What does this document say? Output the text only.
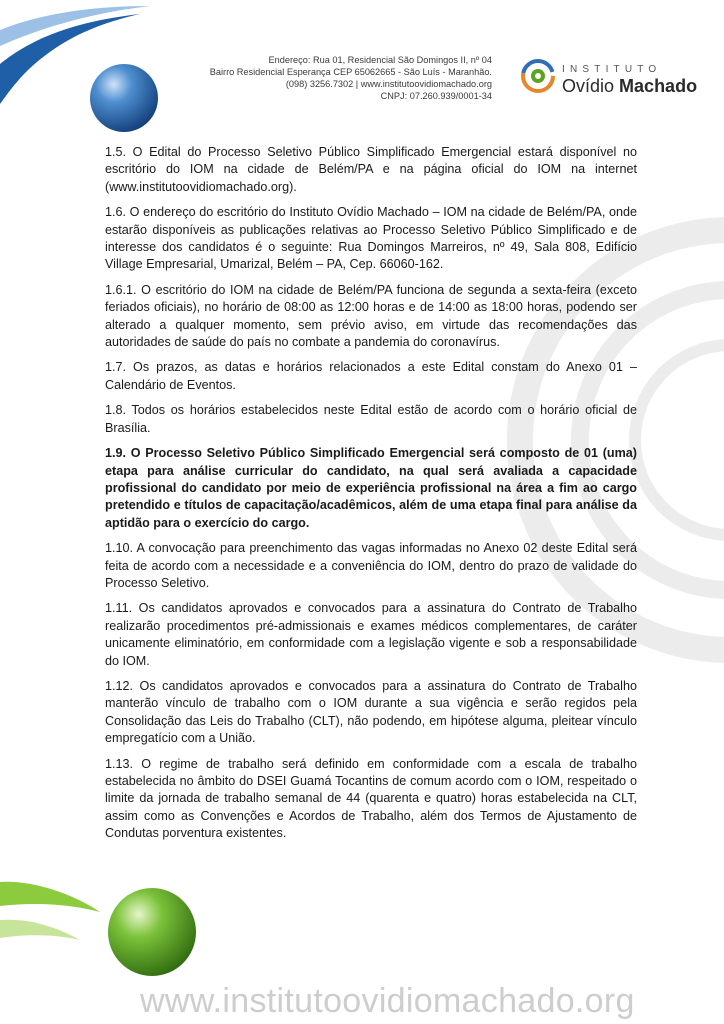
Endereço: Rua 01, Residencial São Domingos II, nº 04
Bairro Residencial Esperança CEP 65062665 - São Luís - Maranhão.
(098) 3256.7302 | www.institutoovidiomachado.org
CNPJ: 07.260.939/0001-34
INSTITUTO
Ovídio Machado

1.5. O Edital do Processo Seletivo Público Simplificado Emergencial estará disponível no escritório do IOM na cidade de Belém/PA e na página oficial do IOM na internet (www.institutoovidiomachado.org).

1.6. O endereço do escritório do Instituto Ovídio Machado – IOM na cidade de Belém/PA, onde estarão disponíveis as publicações relativas ao Processo Seletivo Público Simplificado e de interesse dos candidatos é o seguinte: Rua Domingos Marreiros, nº 49, Sala 808, Edifício Village Empresarial, Umarizal, Belém – PA, Cep. 66060-162.

1.6.1. O escritório do IOM na cidade de Belém/PA funciona de segunda a sexta-feira (exceto feriados oficiais), no horário de 08:00 as 12:00 horas e de 14:00 as 18:00 horas, podendo ser alterado a qualquer momento, sem prévio aviso, em virtude das recomendações das autoridades de saúde do país no combate a pandemia do coronavírus.

1.7. Os prazos, as datas e horários relacionados a este Edital constam do Anexo 01 – Calendário de Eventos.

1.8. Todos os horários estabelecidos neste Edital estão de acordo com o horário oficial de Brasília.

1.9. O Processo Seletivo Público Simplificado Emergencial será composto de 01 (uma) etapa para análise curricular do candidato, na qual será avaliada a capacidade profissional do candidato por meio de experiência profissional na área a fim ao cargo pretendido e títulos de capacitação/acadêmicos, além de uma etapa final para análise da aptidão para o exercício do cargo.

1.10. A convocação para preenchimento das vagas informadas no Anexo 02 deste Edital será feita de acordo com a necessidade e a conveniência do IOM, dentro do prazo de validade do Processo Seletivo.

1.11. Os candidatos aprovados e convocados para a assinatura do Contrato de Trabalho realizarão procedimentos pré-admissionais e exames médicos complementares, de caráter unicamente eliminatório, em conformidade com a legislação vigente e sob a responsabilidade do IOM.

1.12. Os candidatos aprovados e convocados para a assinatura do Contrato de Trabalho manterão vínculo de trabalho com o IOM durante a sua vigência e serão regidos pela Consolidação das Leis do Trabalho (CLT), não podendo, em hipótese alguma, pleitear vínculo empregatício com a União.

1.13. O regime de trabalho será definido em conformidade com a escala de trabalho estabelecida no âmbito do DSEI Guamá Tocantins de comum acordo com o IOM, respeitado o limite da jornada de trabalho semanal de 44 (quarenta e quatro) horas estabelecida na CLT, assim como as Convenções e Acordos de Trabalho, além dos Termos de Ajustamento de Condutas porventura existentes.

www.institutoovidiomachado.org
